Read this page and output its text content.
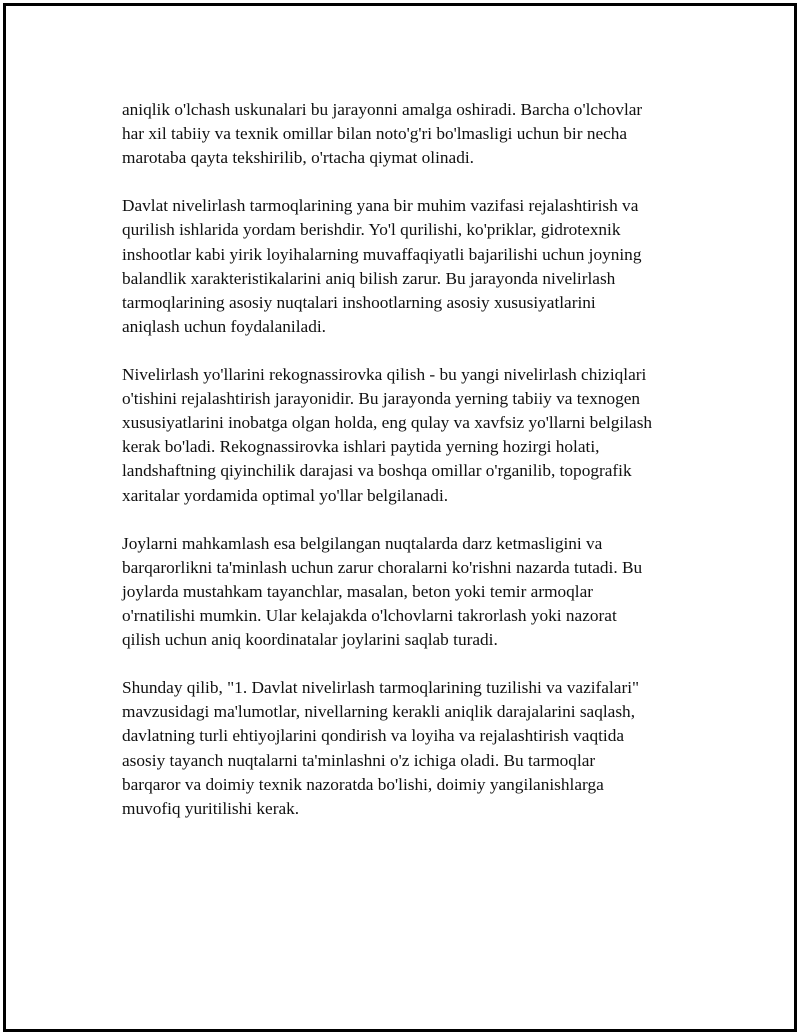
aniqlik o'lchash uskunalari bu jarayonni amalga oshiradi. Barcha o'lchovlar
har xil tabiiy va texnik omillar bilan noto'g'ri bo'lmasligi uchun bir necha
marotaba qayta tekshirilib, o'rtacha qiymat olinadi.

Davlat nivelirlash tarmoqlarining yana bir muhim vazifasi rejalashtirish va
qurilish ishlarida yordam berishdir. Yo'l qurilishi, ko'priklar, gidrotexnik
inshootlar kabi yirik loyihalarning muvaffaqiyatli bajarilishi uchun joyning
balandlik xarakteristikalarini aniq bilish zarur. Bu jarayonda nivelirlash
tarmoqlarining asosiy nuqtalari inshootlarning asosiy xususiyatlarini
aniqlash uchun foydalaniladi.

Nivelirlash yo'llarini rekognassirovka qilish - bu yangi nivelirlash chiziqlari
o'tishini rejalashtirish jarayonidir. Bu jarayonda yerning tabiiy va texnogen
xususiyatlarini inobatga olgan holda, eng qulay va xavfsiz yo'llarni belgilash
kerak bo'ladi. Rekognassirovka ishlari paytida yerning hozirgi holati,
landshaftning qiyinchilik darajasi va boshqa omillar o'rganilib, topografik
xaritalar yordamida optimal yo'llar belgilanadi.

Joylarni mahkamlash esa belgilangan nuqtalarda darz ketmasligini va
barqarorlikni ta'minlash uchun zarur choralarni ko'rishni nazarda tutadi. Bu
joylarda mustahkam tayanchlar, masalan, beton yoki temir armoqlar
o'rnatilishi mumkin. Ular kelajakda o'lchovlarni takrorlash yoki nazorat
qilish uchun aniq koordinatalar joylarini saqlab turadi.

Shunday qilib, "1. Davlat nivelirlash tarmoqlarining tuzilishi va vazifalari"
mavzusidagi ma'lumotlar, nivellarning kerakli aniqlik darajalarini saqlash,
davlatning turli ehtiyojlarini qondirish va loyiha va rejalashtirish vaqtida
asosiy tayanch nuqtalarni ta'minlashni o'z ichiga oladi. Bu tarmoqlar
barqaror va doimiy texnik nazoratda bo'lishi, doimiy yangilanishlarga
muvofiq yuritilishi kerak.
